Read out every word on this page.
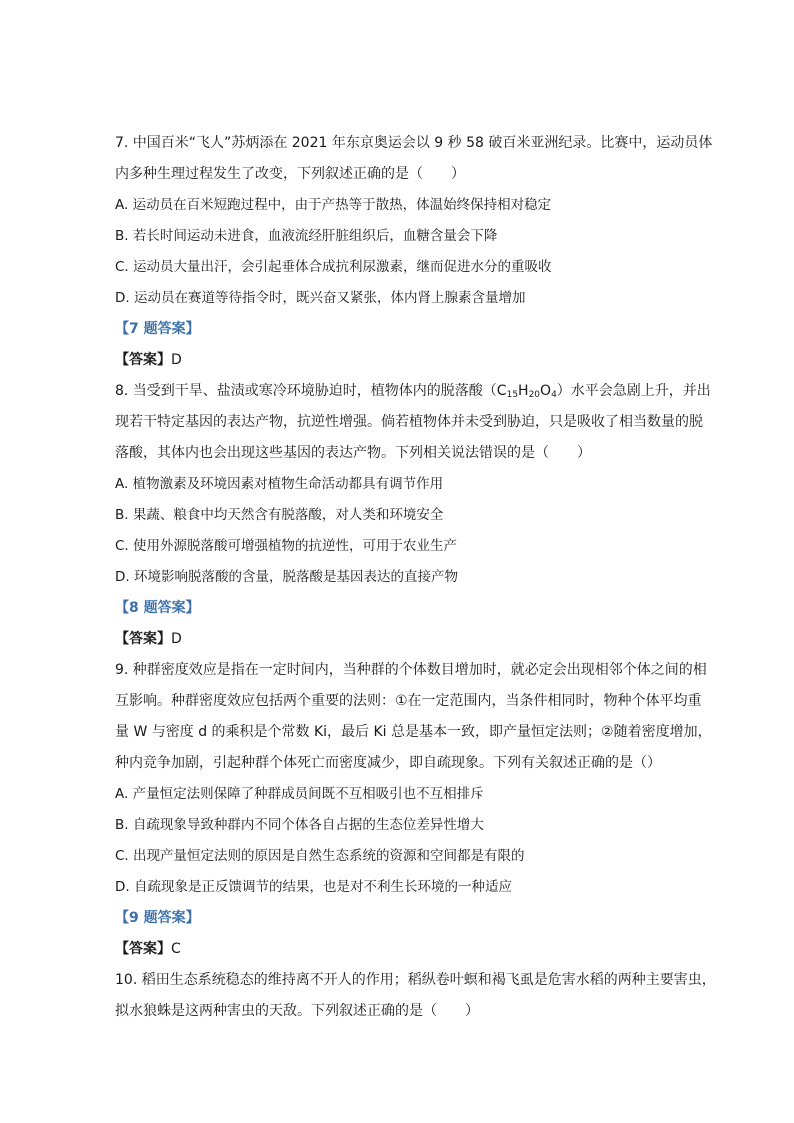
7. 中国百米“飞人”苏炳添在 2021 年东京奥运会以 9 秒 58 破百米亚洲纪录。比赛中，运动员体
内多种生理过程发生了改变，下列叙述正确的是（　　）
A. 运动员在百米短跑过程中，由于产热等于散热，体温始终保持相对稳定
B. 若长时间运动未进食，血液流经肝脏组织后，血糖含量会下降
C. 运动员大量出汗，会引起垂体合成抗利尿激素，继而促进水分的重吸收
D. 运动员在赛道等待指令时，既兴奋又紧张，体内肾上腺素含量增加
【7 题答案】
【答案】D
8. 当受到干旱、盐渍或寒冷环境胁迫时，植物体内的脱落酸$(C_{15}H_{20}O_4)$水平会急剧上升，并出
现若干特定基因的表达产物，抗逆性增强。倘若植物体并未受到胁迫，只是吸收了相当数量的脱
落酸，其体内也会出现这些基因的表达产物。下列相关说法错误的是（　　）
A. 植物激素及环境因素对植物生命活动都具有调节作用
B. 果蔬、粮食中均天然含有脱落酸，对人类和环境安全
C. 使用外源脱落酸可增强植物的抗逆性，可用于农业生产
D. 环境影响脱落酸的含量，脱落酸是基因表达的直接产物
【8 题答案】
【答案】D
9. 种群密度效应是指在一定时间内，当种群的个体数目增加时，就必定会出现相邻个体之间的相
互影响。种群密度效应包括两个重要的法则：①在一定范围内，当条件相同时，物种个体平均重
量 W 与密度 d 的乘积是个常数 Ki，最后 Ki 总是基本一致，即产量恒定法则；②随着密度增加，
种内竞争加剧，引起种群个体死亡而密度减少，即自疏现象。下列有关叙述正确的是（）
A. 产量恒定法则保障了种群成员间既不互相吸引也不互相排斥
B. 自疏现象导致种群内不同个体各自占据的生态位差异性增大
C. 出现产量恒定法则的原因是自然生态系统的资源和空间都是有限的
D. 自疏现象是正反馈调节的结果，也是对不利生长环境的一种适应
【9 题答案】
【答案】C
10. 稻田生态系统稳态的维持离不开人的作用；稻纵卷叶螟和褐飞虱是危害水稻的两种主要害虫，
拟水狼蛛是这两种害虫的天敌。下列叙述正确的是（　　）
